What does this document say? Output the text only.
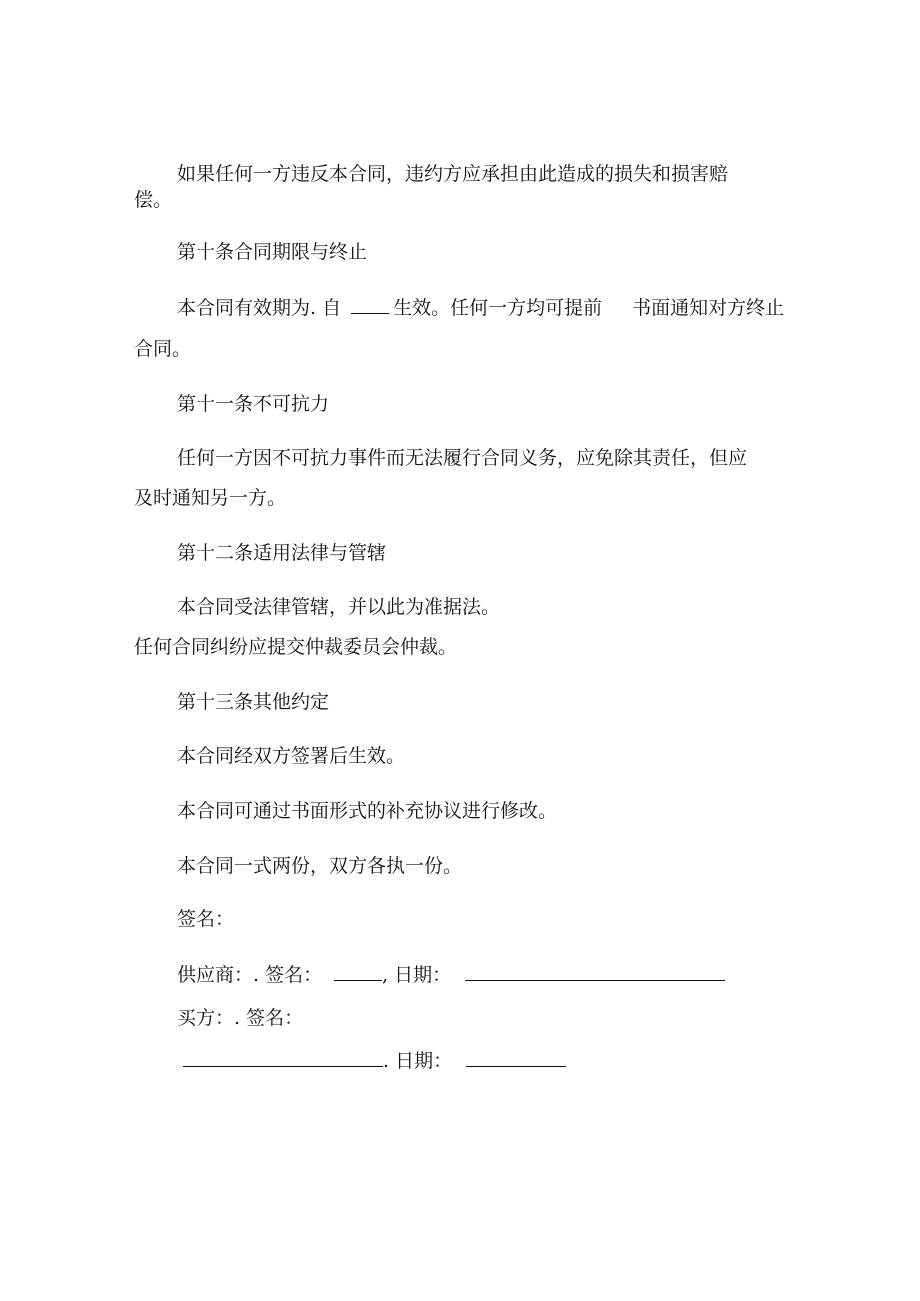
如果任何一方违反本合同，违约方应承担由此造成的损失和损害赔
偿。
第十条合同期限与终止
本合同有效期为. 自	生效。任何一方均可提前 书面通知对方终止
合同。
第十一条不可抗力
任何一方因不可抗力事件而无法履行合同义务，应免除其责任，但应
及时通知另一方。
第十二条适用法律与管辖
本合同受法律管辖，并以此为准据法。
任何合同纠纷应提交仲裁委员会仲裁。
第十三条其他约定
本合同经双方签署后生效。
本合同可通过书面形式的补充协议进行修改。
本合同一式两份，双方各执一份。
签名：
供应商：. 签名：	, 日期：
买方：. 签名：
. 日期：
